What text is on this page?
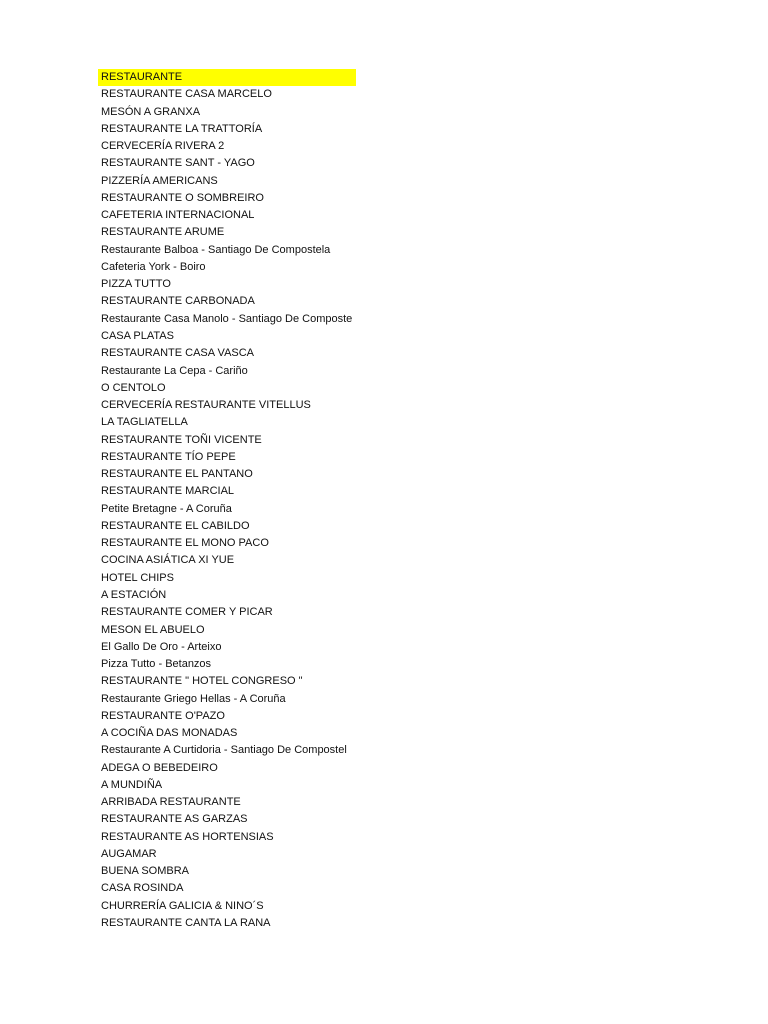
RESTAURANTE
RESTAURANTE CASA MARCELO
MESÓN A GRANXA
RESTAURANTE LA TRATTORÍA
CERVECERÍA RIVERA 2
RESTAURANTE SANT - YAGO
PIZZERÍA AMERICANS
RESTAURANTE O SOMBREIRO
CAFETERIA INTERNACIONAL
RESTAURANTE ARUME
Restaurante Balboa - Santiago De Compostela
Cafeteria York - Boiro
PIZZA TUTTO
RESTAURANTE CARBONADA
Restaurante Casa Manolo - Santiago De Composte
CASA PLATAS
RESTAURANTE CASA VASCA
Restaurante La Cepa - Cariño
O CENTOLO
CERVECERÍA RESTAURANTE VITELLUS
LA TAGLIATELLA
RESTAURANTE TOÑI VICENTE
RESTAURANTE TÍO PEPE
RESTAURANTE EL PANTANO
RESTAURANTE MARCIAL
Petite Bretagne - A Coruña
RESTAURANTE EL CABILDO
RESTAURANTE EL MONO PACO
COCINA ASIÁTICA XI YUE
HOTEL CHIPS
A ESTACIÓN
RESTAURANTE COMER Y PICAR
MESON EL ABUELO
El Gallo De Oro - Arteixo
Pizza Tutto - Betanzos
RESTAURANTE " HOTEL CONGRESO "
Restaurante Griego Hellas - A Coruña
RESTAURANTE O'PAZO
A COCIÑA DAS MONADAS
Restaurante A Curtidoria - Santiago De Compostel
ADEGA O BEBEDEIRO
A MUNDIÑA
ARRIBADA RESTAURANTE
RESTAURANTE AS GARZAS
RESTAURANTE AS HORTENSIAS
AUGAMAR
BUENA SOMBRA
CASA ROSINDA
CHURRERÍA GALICIA & NINO´S
RESTAURANTE CANTA LA RANA
